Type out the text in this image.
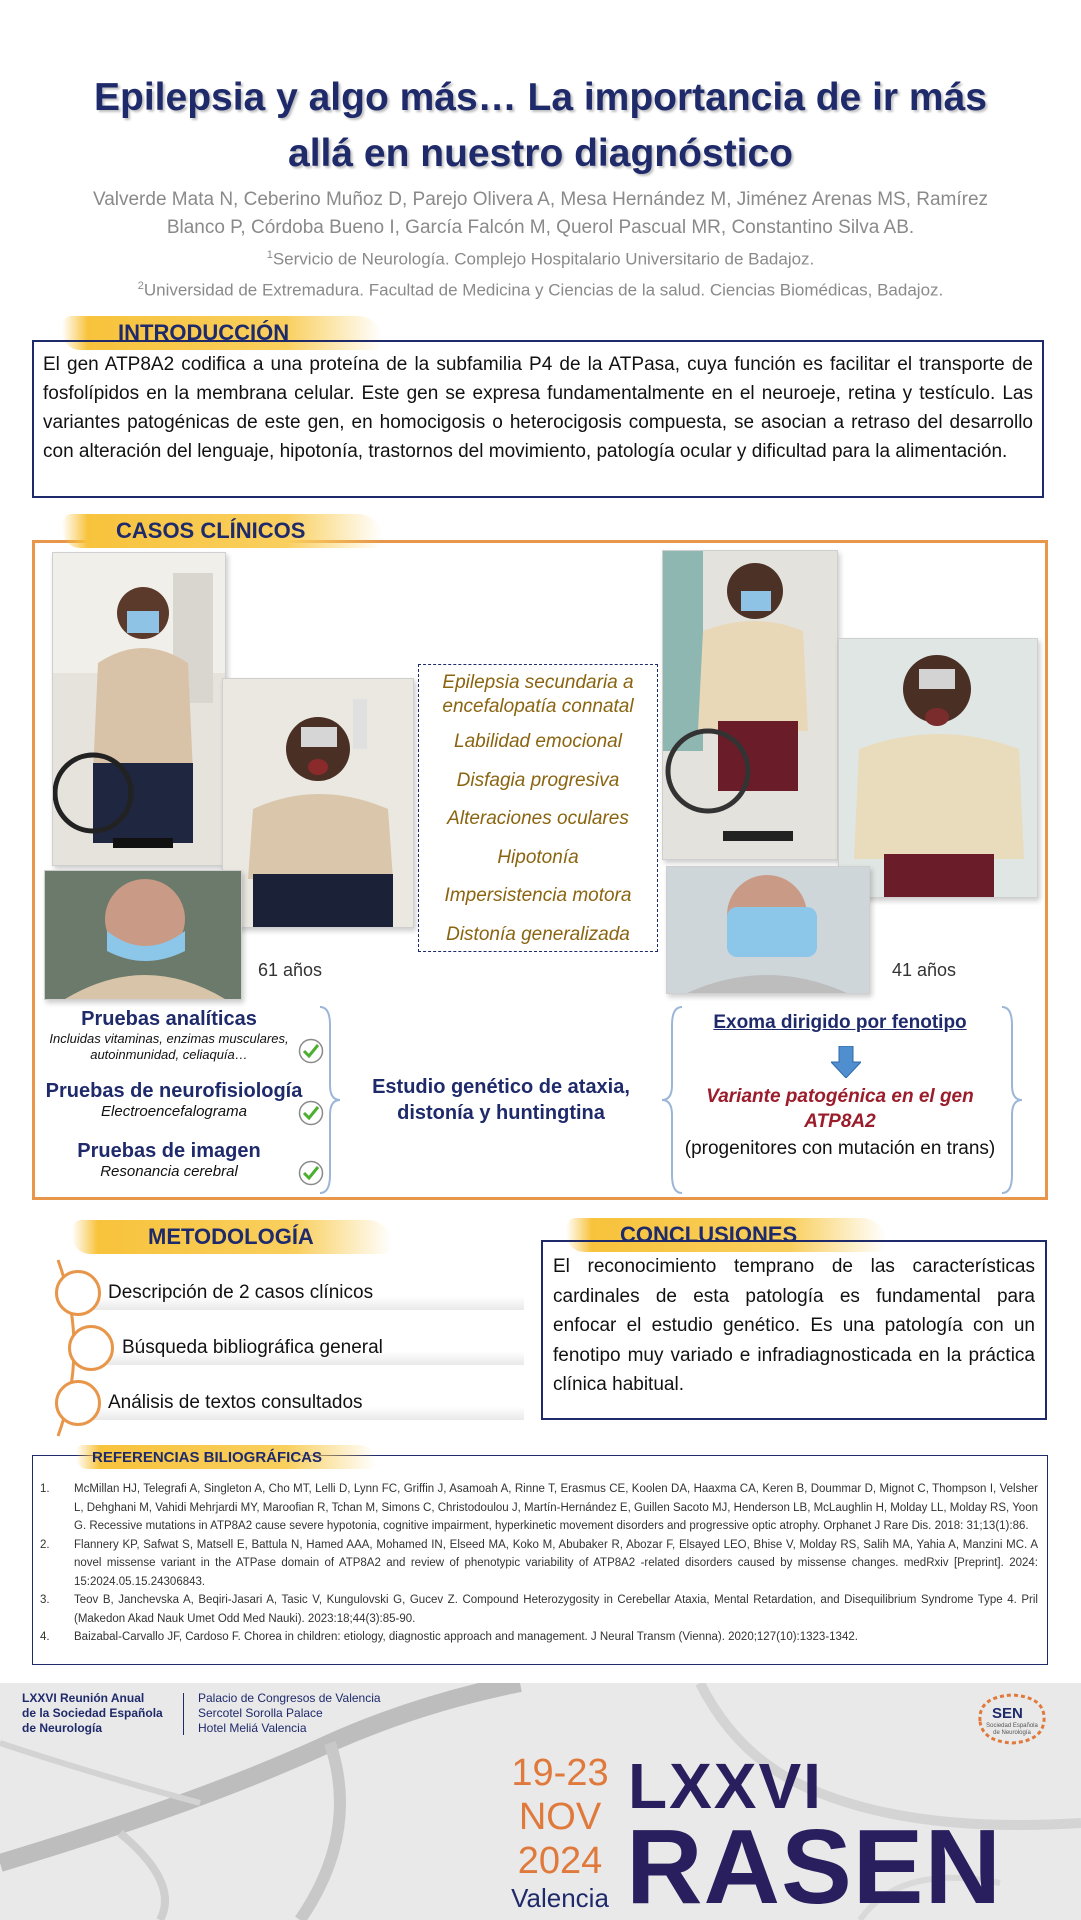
Epilepsia y algo más… La importancia de ir más
allá en nuestro diagnóstico
Valverde Mata N, Ceberino Muñoz D, Parejo Olivera A, Mesa Hernández M, Jiménez Arenas MS, Ramírez
Blanco P, Córdoba Bueno I, García Falcón M, Querol Pascual MR, Constantino Silva AB.
$^1$Servicio de Neurología. Complejo Hospitalario Universitario de Badajoz.
$^2$Universidad de Extremadura. Facultad de Medicina y Ciencias de la salud. Ciencias Biomédicas, Badajoz.
INTRODUCCIÓN
El gen ATP8A2 codifica a una proteína de la subfamilia P4 de la ATPasa, cuya función es facilitar el transporte de fosfolípidos en la membrana celular. Este gen se expresa fundamentalmente en el neuroeje, retina y testículo. Las variantes patogénicas de este gen, en homocigosis o heterocigosis compuesta, se asocian a retraso del desarrollo con alteración del lenguaje, hipotonía, trastornos del movimiento, patología ocular y dificultad para la alimentación.
CASOS CLÍNICOS
61 años
Epilepsia secundaria a encefalopatía connatal
Labilidad emocional
Disfagia progresiva
Alteraciones oculares
Hipotonía
Impersistencia motora
Distonía generalizada
41 años
Pruebas analíticas
Incluidas vitaminas, enzimas musculares, autoinmunidad, celiaquía…
Pruebas de neurofisiología
Electroencefalograma
Pruebas de imagen
Resonancia cerebral
Estudio genético de ataxia, distonía y huntingtina
Exoma dirigido por fenotipo
Variante patogénica en el gen ATP8A2
(progenitores con mutación en trans)
METODOLOGÍA
Descripción de 2 casos clínicos
Búsqueda bibliográfica general
Análisis de textos consultados
CONCLUSIONES
El reconocimiento temprano de las características cardinales de esta patología es fundamental para enfocar el estudio genético. Es una patología con un fenotipo muy variado e infradiagnosticada en la práctica clínica habitual.
REFERENCIAS BILIOGRÁFICAS
1.	McMillan HJ, Telegrafi A, Singleton A, Cho MT, Lelli D, Lynn FC, Griffin J, Asamoah A, Rinne T, Erasmus CE, Koolen DA, Haaxma CA, Keren B, Doummar D, Mignot C, Thompson I, Velsher L, Dehghani M, Vahidi Mehrjardi MY, Maroofian R, Tchan M, Simons C, Christodoulou J, Martín-Hernández E, Guillen Sacoto MJ, Henderson LB, McLaughlin H, Molday LL, Molday RS, Yoon G. Recessive mutations in ATP8A2 cause severe hypotonia, cognitive impairment, hyperkinetic movement disorders and progressive optic atrophy. Orphanet J Rare Dis. 2018: 31;13(1):86.
2.	Flannery KP, Safwat S, Matsell E, Battula N, Hamed AAA, Mohamed IN, Elseed MA, Koko M, Abubaker R, Abozar F, Elsayed LEO, Bhise V, Molday RS, Salih MA, Yahia A, Manzini MC. A novel missense variant in the ATPase domain of ATP8A2 and review of phenotypic variability of ATP8A2 -related disorders caused by missense changes. medRxiv [Preprint]. 2024: 15:2024.05.15.24306843.
3.	Teov B, Janchevska A, Beqiri-Jasari A, Tasic V, Kungulovski G, Gucev Z. Compound Heterozygosity in Cerebellar Ataxia, Mental Retardation, and Disequilibrium Syndrome Type 4. Pril (Makedon Akad Nauk Umet Odd Med Nauki). 2023:18;44(3):85-90.
4.	Baizabal-Carvallo JF, Cardoso F. Chorea in children: etiology, diagnostic approach and management. J Neural Transm (Vienna). 2020;127(10):1323-1342.
LXXVI Reunión Anual
de la Sociedad Española
de Neurología
Palacio de Congresos de Valencia
Sercotel Sorolla Palace
Hotel Meliá Valencia
19-23
NOV
2024
Valencia
LXXVI
RASEN
SEN
Sociedad Española de Neurología
